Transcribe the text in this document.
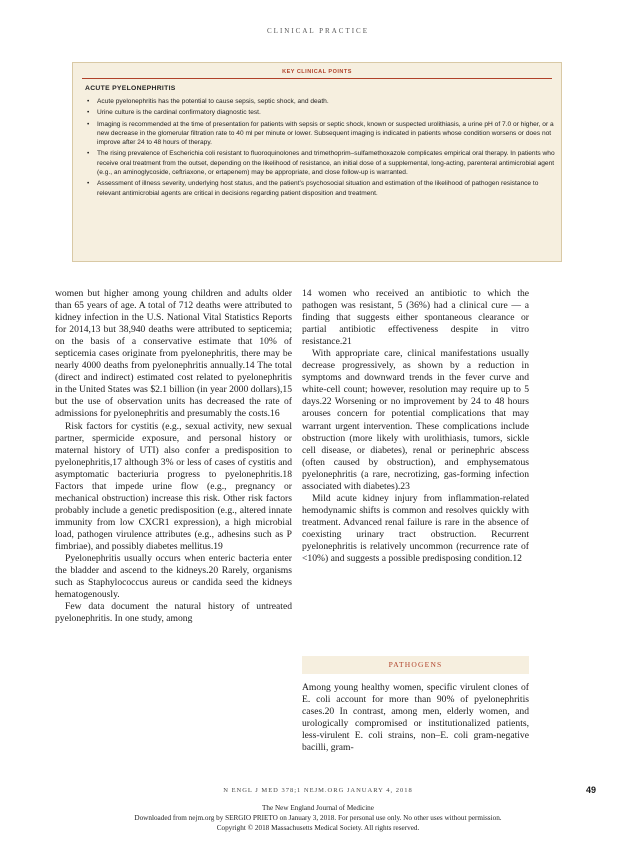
CLINICAL PRACTICE
KEY CLINICAL POINTS
ACUTE PYELONEPHRITIS
• Acute pyelonephritis has the potential to cause sepsis, septic shock, and death.
• Urine culture is the cardinal confirmatory diagnostic test.
• Imaging is recommended at the time of presentation for patients with sepsis or septic shock, known or suspected urolithiasis, a urine pH of 7.0 or higher, or a new decrease in the glomerular filtration rate to 40 ml per minute or lower. Subsequent imaging is indicated in patients whose condition worsens or does not improve after 24 to 48 hours of therapy.
• The rising prevalence of Escherichia coli resistant to fluoroquinolones and trimethoprim–sulfamethoxazole complicates empirical oral therapy. In patients who receive oral treatment from the outset, depending on the likelihood of resistance, an initial dose of a supplemental, long-acting, parenteral antimicrobial agent (e.g., an aminoglycoside, ceftriaxone, or ertapenem) may be appropriate, and close follow-up is warranted.
• Assessment of illness severity, underlying host status, and the patient’s psychosocial situation and estimation of the likelihood of pathogen resistance to relevant antimicrobial agents are critical in decisions regarding patient disposition and treatment.

women but higher among young children and adults older than 65 years of age. A total of 712 deaths were attributed to kidney infection in the U.S. National Vital Statistics Reports for 2014,13 but 38,940 deaths were attributed to septicemia; on the basis of a conservative estimate that 10% of septicemia cases originate from pyelonephritis, there may be nearly 4000 deaths from pyelonephritis annually.14 The total (direct and indirect) estimated cost related to pyelonephritis in the United States was $2.1 billion (in year 2000 dollars),15 but the use of observation units has decreased the rate of admissions for pyelonephritis and presumably the costs.16

Risk factors for cystitis (e.g., sexual activity, new sexual partner, spermicide exposure, and personal history or maternal history of UTI) also confer a predisposition to pyelonephritis,17 although 3% or less of cases of cystitis and asymptomatic bacteriuria progress to pyelonephritis.18 Factors that impede urine flow (e.g., pregnancy or mechanical obstruction) increase this risk. Other risk factors probably include a genetic predisposition (e.g., altered innate immunity from low CXCR1 expression), a high microbial load, pathogen virulence attributes (e.g., adhesins such as P fimbriae), and possibly diabetes mellitus.19

Pyelonephritis usually occurs when enteric bacteria enter the bladder and ascend to the kidneys.20 Rarely, organisms such as Staphylococcus aureus or candida seed the kidneys hematogenously.

Few data document the natural history of untreated pyelonephritis. In one study, among

14 women who received an antibiotic to which the pathogen was resistant, 5 (36%) had a clinical cure — a finding that suggests either spontaneous clearance or partial antibiotic effectiveness despite in vitro resistance.21

With appropriate care, clinical manifestations usually decrease progressively, as shown by a reduction in symptoms and downward trends in the fever curve and white-cell count; however, resolution may require up to 5 days.22 Worsening or no improvement by 24 to 48 hours arouses concern for potential complications that may warrant urgent intervention. These complications include obstruction (more likely with urolithiasis, tumors, sickle cell disease, or diabetes), renal or perinephric abscess (often caused by obstruction), and emphysematous pyelonephritis (a rare, necrotizing, gas-forming infection associated with diabetes).23

Mild acute kidney injury from inflammation-related hemodynamic shifts is common and resolves quickly with treatment. Advanced renal failure is rare in the absence of coexisting urinary tract obstruction. Recurrent pyelonephritis is relatively uncommon (recurrence rate of <10%) and suggests a possible predisposing condition.12

PATHOGENS

Among young healthy women, specific virulent clones of E. coli account for more than 90% of pyelonephritis cases.20 In contrast, among men, elderly women, and urologically compromised or institutionalized patients, less-virulent E. coli strains, non–E. coli gram-negative bacilli, gram-

N ENGL J MED 378;1 NEJM.ORG JANUARY 4, 2018	49
The New England Journal of Medicine
Downloaded from nejm.org by SERGIO PRIETO on January 3, 2018. For personal use only. No other uses without permission.
Copyright © 2018 Massachusetts Medical Society. All rights reserved.
